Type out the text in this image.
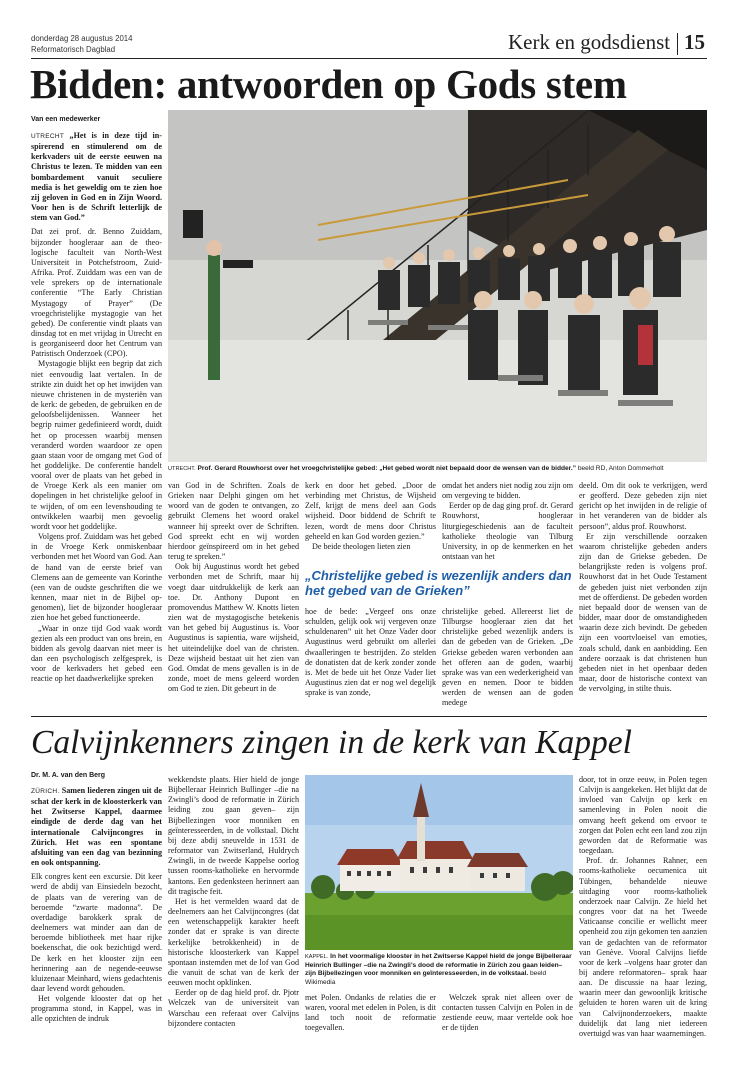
donderdag 28 augustus 2014
Reformatorisch Dagblad	Kerk en godsdienst 15
Bidden: antwoorden op Gods stem
Van een medewerker

UTRECHT „Het is in deze tijd inspirerend en stimulerend om de kerkvaders uit de eerste eeuwen na Christus te lezen. Te midden van een bombardement vanuit seculiere media is het geweldig om te zien hoe zij geloven in God en in Zijn Woord. Voor hen is de Schrift letterlijk de stem van God.”

Dat zei prof. dr. Benno Zuiddam, bijzonder hoogleraar aan de theologische faculteit van North-West Universiteit in Potchefstroom, Zuid-Afrika. Prof. Zuiddam was een van de vele sprekers op de internationale conferentie “The Early Christian Mystagogy of Prayer” (De vroegchristelijke mystagogie van het gebed). De conferentie vindt plaats van dinsdag tot en met vrijdag in Utrecht en is georganiseerd door het Centrum van Patristisch Onderzoek (CPO).

Mystagogie blijkt een begrip dat zich niet eenvoudig laat vertalen. In de strikte zin duidt het op het inwijden van nieuwe christenen in de mysteriën van de kerk: de gebeden, de gebruiken en de geloofsbelijdenissen. Wanneer het begrip ruimer gedefinieerd wordt, duidt het op processen waarbij mensen veranderd worden waardoor ze open gaan staan voor de omgang met God of het goddelijke. De conferentie handelt vooral over de plaats van het gebed in de Vroege Kerk als een manier om dopelingen in het christelijke geloof in te wijden, of om een levenshouding te ontwikkelen waarbij men gevoelig wordt voor het goddelijke.

Volgens prof. Zuiddam was het gebed in de Vroege Kerk onmiskenbaar verbonden met het Woord van God. Aan de hand van de eerste brief van Clemens aan de gemeente van Korinthe (een van de oudste geschriften die we kennen, maar niet in de Bijbel opgenomen), liet de bijzonder hoogleraar zien hoe het gebed functioneerde.

„Waar in onze tijd God vaak wordt gezien als een product van ons brein, en bidden als gevolg daarvan niet meer is dan een psychologisch zelfgesprek, is voor de kerkvaders het gebed een reactie op het daadwerkelijke spreken

UTRECHT. Prof. Gerard Rouwhorst over het vroegchristelijke gebed: „Het gebed wordt niet bepaald door de wensen van de bidder.” beeld RD, Anton Dommerholt

van God in de Schriften. Zoals de Grieken naar Delphi gingen om het woord van de goden te ontvangen, zo gebruikt Clemens het woord orakel wanneer hij spreekt over de Schriften. God spreekt echt en wij worden hierdoor geïnspireerd om in het gebed terug te spreken.”

Ook bij Augustinus wordt het gebed verbonden met de Schrift, maar hij voegt daar uitdrukkelijk de kerk aan toe. Dr. Anthony Dupont en promovendus Matthew W. Knotts lieten zien wat de mystagogische betekenis van het gebed bij Augustinus is. Voor Augustinus is sapientia, ware wijsheid, het uiteindelijke doel van de christen. Deze wijsheid bestaat uit het zien van God. Omdat de mens gevallen is in de zonde, moet de mens geleerd worden om God te zien. Dit gebeurt in de

kerk en door het gebed. „Door de verbinding met Christus, de Wijsheid Zelf, krijgt de mens deel aan Gods wijsheid. Door biddend de Schrift te lezen, wordt de mens door Christus geheeld en kan God worden gezien.”

De beide theologen lieten zien

omdat het anders niet nodig zou zijn om om vergeving te bidden.

Eerder op de dag ging prof. dr. Gerard Rouwhorst, hoogleraar liturgiegeschiedenis aan de faculteit katholieke theologie van Tilburg University, in op de kenmerken en het ontstaan van het

„Christelijke gebed is wezenlijk anders dan het gebed van de Grieken”

hoe de bede: „Vergeef ons onze schulden, gelijk ook wij vergeven onze schuldenaren” uit het Onze Vader door Augustinus werd gebruikt om allerlei dwaalleringen te bestrijden. Zo stelden de donatisten dat de kerk zonder zonde is. Met de bede uit het Onze Vader liet Augustinus zien dat er nog wel degelijk sprake is van zonde,

christelijke gebed. Allereerst liet de Tilburgse hoogleraar zien dat het christelijke gebed wezenlijk anders is dan de gebeden van de Grieken. „De Griekse gebeden waren verbonden aan het offeren aan de goden, waarbij sprake was van een wederkerigheid van geven en nemen. Door te bidden werden de wensen aan de goden medege

deeld. Om dit ook te verkrijgen, werd er geofferd. Deze gebeden zijn niet gericht op het inwijden in de religie of in het veranderen van de bidder als persoon”, aldus prof. Rouwhorst.

Er zijn verschillende oorzaken waarom christelijke gebeden anders zijn dan de Griekse gebeden. De belangrijkste reden is volgens prof. Rouwhorst dat in het Oude Testament de gebeden juist niet verbonden zijn met de offerdienst. De gebeden worden niet bepaald door de wensen van de bidder, maar door de omstandigheden waarin deze zich bevindt. De gebeden zijn een voortvloeisel van emoties, zoals schuld, dank en aanbidding. Een andere oorzaak is dat christenen hun gebeden niet in het openbaar deden maar, door de historische context van de vervolging, in stilte thuis.

Calvijnkenners zingen in de kerk van Kappel
Dr. M. A. van den Berg

ZÜRICH. Samen liederen zingen uit de schat der kerk in de kloosterkerk van het Zwitserse Kappel, daarmee eindigde de derde dag van het internationale Calvijncongres in Zürich. Het was een spontane afsluiting van een dag van bezinning en ook ontspanning.

Elk congres kent een excursie. Dit keer werd de abdij van Einsiedeln bezocht, de plaats van de verering van de beroemde “zwarte madonna”. De overdadige barokkerk sprak de deelnemers wat minder aan dan de beroemde bibliotheek met haar rijke boekenschat, die ook bezichtigd werd. De kerk en het klooster zijn een herinnering aan de negende-eeuwse kluizenaar Meinhard, wiens gedachtenis daar levend wordt gehouden.

Het volgende klooster dat op het programma stond, in Kappel, was in alle opzichten de indruk

wekkendste plaats. Hier hield de jonge Bijbelleraar Heinrich Bullinger –die na Zwingli’s dood de reformatie in Zürich leiding zou gaan geven– zijn Bijbellezingen voor monniken en geïnteresseerden, in de volkstaal. Dicht bij deze abdij sneuvelde in 1531 de reformator van Zwitserland, Huldrych Zwingli, in de tweede Kappelse oorlog tussen rooms-katholieke en hervormde kantons. Een gedenksteen herinnert aan dit tragische feit.

Het is het vermelden waard dat de deelnemers aan het Calvijncongres (dat een wetenschappelijk karakter heeft zonder dat er sprake is van directe kerkelijke betrokkenheid) in de historische kloosterkerk van Kappel spontaan instemden met de lof van God die vanuit de schat van de kerk der eeuwen mocht opklinken.

Eerder op de dag hield prof. dr. Pjotr Welczek van de universiteit van Warschau een referaat over Calvijns bijzondere contacten

KAPPEL. In het voormalige klooster in het Zwitserse Kappel hield de jonge Bijbelleraar Heinrich Bullinger –die na Zwingli’s dood de reformatie in Zürich zou gaan leiden– zijn Bijbellezingen voor monniken en geïnteresseerden, in de volkstaal. beeld Wikimedia

met Polen. Ondanks de relaties die er waren, vooral met edelen in Polen, is dit land toch nooit de reformatie toegevallen.

Welczek sprak niet alleen over de contacten tussen Calvijn en Polen in de zestiende eeuw, maar vertelde ook hoe er de tijden

door, tot in onze eeuw, in Polen tegen Calvijn is aangekeken. Het blijkt dat de invloed van Calvijn op kerk en samenleving in Polen nooit die omvang heeft gekend om ervoor te zorgen dat Polen echt een land zou zijn geworden dat de Reformatie was toegedaan.

Prof. dr. Johannes Rahner, een rooms-katholieke oecumenica uit Tübingen, behandelde nieuwe uitdaging voor rooms-katholiek onderzoek naar Calvijn. Ze hield het congres voor dat na het Tweede Vaticaanse concilie er wellicht meer openheid zou zijn gekomen ten aanzien van de gedachten van de reformator van Genève. Vooral Calvijns liefde voor de kerk –volgens haar groter dan bij andere reformatoren– sprak haar aan. De discussie na haar lezing, waarin meer dan gewoonlijk kritische geluiden te horen waren uit de kring van Calvijnonderzoekers, maakte duidelijk dat lang niet iedereen overtuigd was van haar waarnemingen.
